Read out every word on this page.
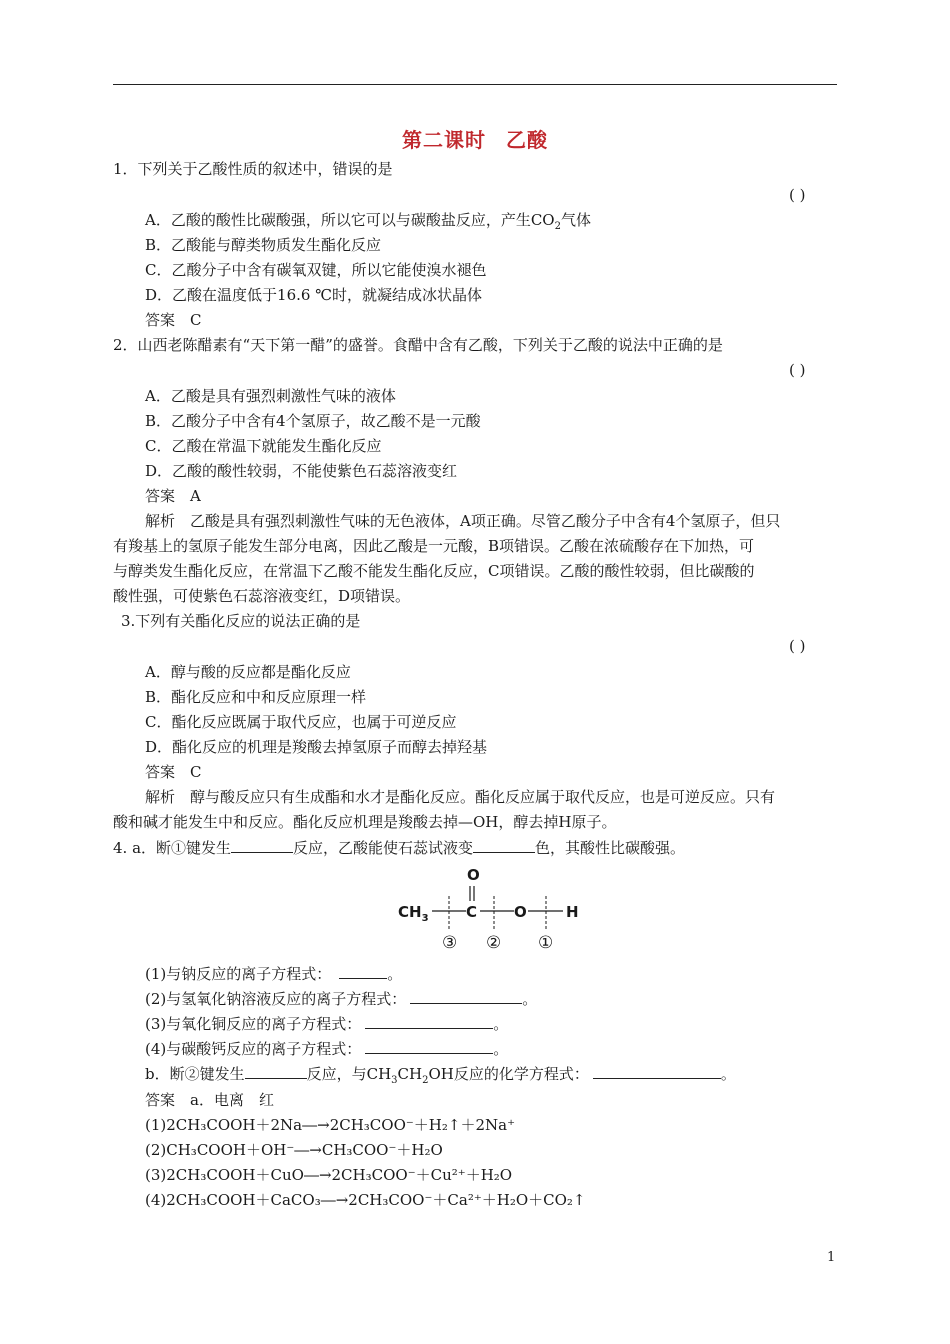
第二课时 乙酸
1．下列关于乙酸性质的叙述中，错误的是
( )
A．乙酸的酸性比碳酸强，所以它可以与碳酸盐反应，产生$CO_2$气体
B．乙酸能与醇类物质发生酯化反应
C．乙酸分子中含有碳氧双键，所以它能使溴水褪色
D．乙酸在温度低于16.6 ℃时，就凝结成冰状晶体
答案　C
2．山西老陈醋素有“天下第一醋”的盛誉。食醋中含有乙酸，下列关于乙酸的说法中正确的是
( )
A．乙酸是具有强烈刺激性气味的液体
B．乙酸分子中含有4个氢原子，故乙酸不是一元酸
C．乙酸在常温下就能发生酯化反应
D．乙酸的酸性较弱，不能使紫色石蕊溶液变红
答案　A
解析　乙酸是具有强烈刺激性气味的无色液体，A项正确。尽管乙酸分子中含有4个氢原子，但只
有羧基上的氢原子能发生部分电离，因此乙酸是一元酸，B项错误。乙酸在浓硫酸存在下加热，可
与醇类发生酯化反应，在常温下乙酸不能发生酯化反应，C项错误。乙酸的酸性较弱，但比碳酸的
酸性强，可使紫色石蕊溶液变红，D项错误。
3.下列有关酯化反应的说法正确的是
( )
A．醇与酸的反应都是酯化反应
B．酯化反应和中和反应原理一样
C．酯化反应既属于取代反应，也属于可逆反应
D．酯化反应的机理是羧酸去掉氢原子而醇去掉羟基
答案　C
解析　醇与酸反应只有生成酯和水才是酯化反应。酯化反应属于取代反应，也是可逆反应。只有
酸和碱才能发生中和反应。酯化反应机理是羧酸去掉—OH，醇去掉H原子。
4. a．断①键发生	反应，乙酸能使石蕊试液变	色，其酸性比碳酸强。
O
$CH_3$ C O	H
③ ② ①
(1)与钠反应的离子方程式：	。
(2)与氢氧化钠溶液反应的离子方程式：	。
(3)与氧化铜反应的离子方程式：	。
(4)与碳酸钙反应的离子方程式：	。
b．断②键发生	反应，与$CH_3CH_2OH$反应的化学方程式：	。
答案　a．电离　红
(1)2CH₃COOH＋2Na―→2CH₃COO⁻＋H₂↑＋2Na⁺
(2)CH₃COOH＋OH⁻―→CH₃COO⁻＋H₂O
(3)2CH₃COOH＋CuO―→2CH₃COO⁻＋Cu²⁺＋H₂O
(4)2CH₃COOH＋CaCO₃―→2CH₃COO⁻＋Ca²⁺＋H₂O＋CO₂↑
1
